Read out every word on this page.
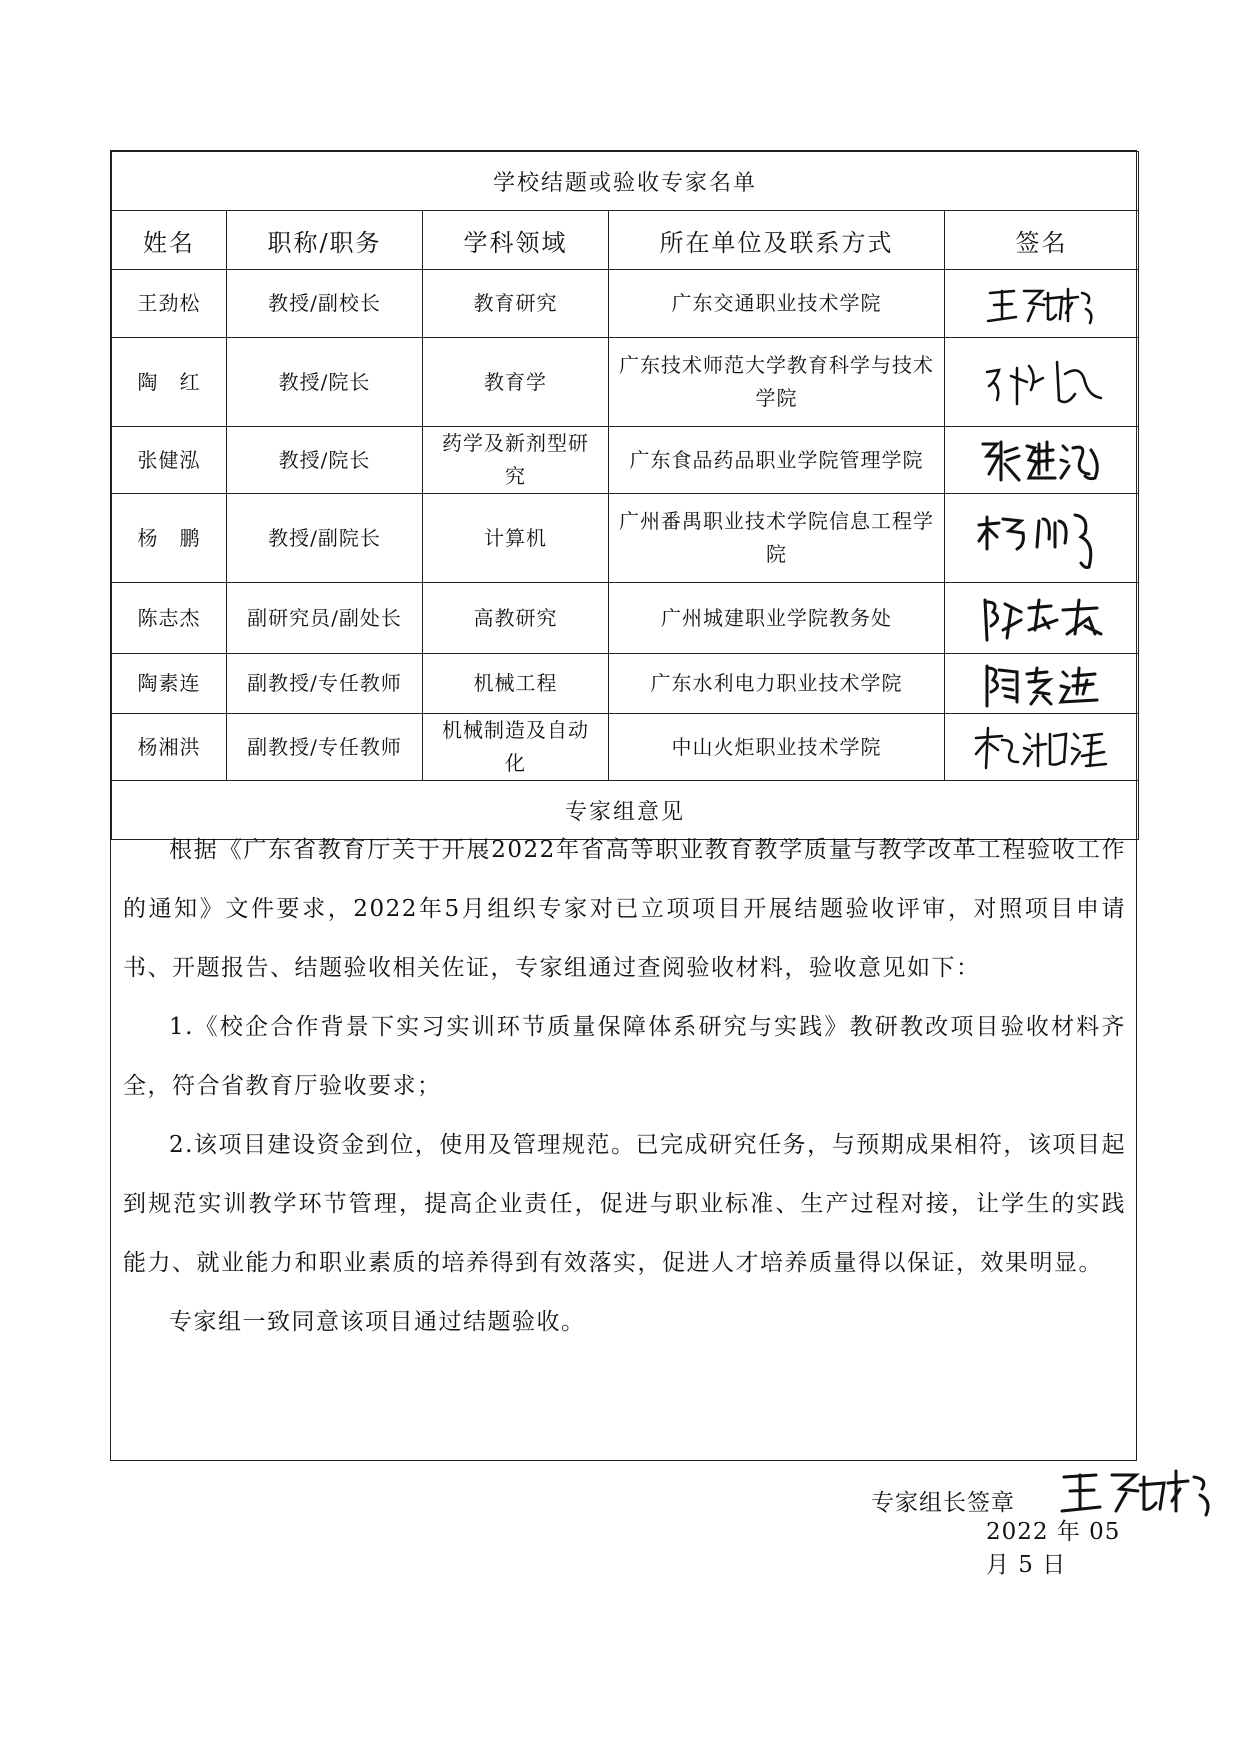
学校结题或验收专家名单				
姓名	职称/职务	学科领域	所在单位及联系方式	签名
王劲松	教授/副校长	教育研究	广东交通职业技术学院	

陶　红	教授/院长	教育学	广东技术师范大学教育科学与技术学院	

张健泓	教授/院长	药学及新剂型研究	广东食品药品职业学院管理学院	

杨　鹏	教授/副院长	计算机	广州番禺职业技术学院信息工程学院	

陈志杰	副研究员/副处长	高教研究	广州城建职业学院教务处	

陶素连	副教授/专任教师	机械工程	广东水利电力职业技术学院	

杨湘洪	副教授/专任教师	机械制造及自动化	中山火炬职业技术学院	

专家组意见				
根据《广东省教育厅关于开展2022年省高等职业教育教学质量与教学改革工程验收工作的通知》文件要求，2022年5月组织专家对已立项项目开展结题验收评审，对照项目申请书、开题报告、结题验收相关佐证，专家组通过查阅验收材料，验收意见如下：
1.《校企合作背景下实习实训环节质量保障体系研究与实践》教研教改项目验收材料齐全，符合省教育厅验收要求；
2.该项目建设资金到位，使用及管理规范。已完成研究任务，与预期成果相符，该项目起到规范实训教学环节管理，提高企业责任，促进与职业标准、生产过程对接，让学生的实践能力、就业能力和职业素质的培养得到有效落实，促进人才培养质量得以保证，效果明显。
专家组一致同意该项目通过结题验收。
专家组长签章
2022 年 05 月 5 日
